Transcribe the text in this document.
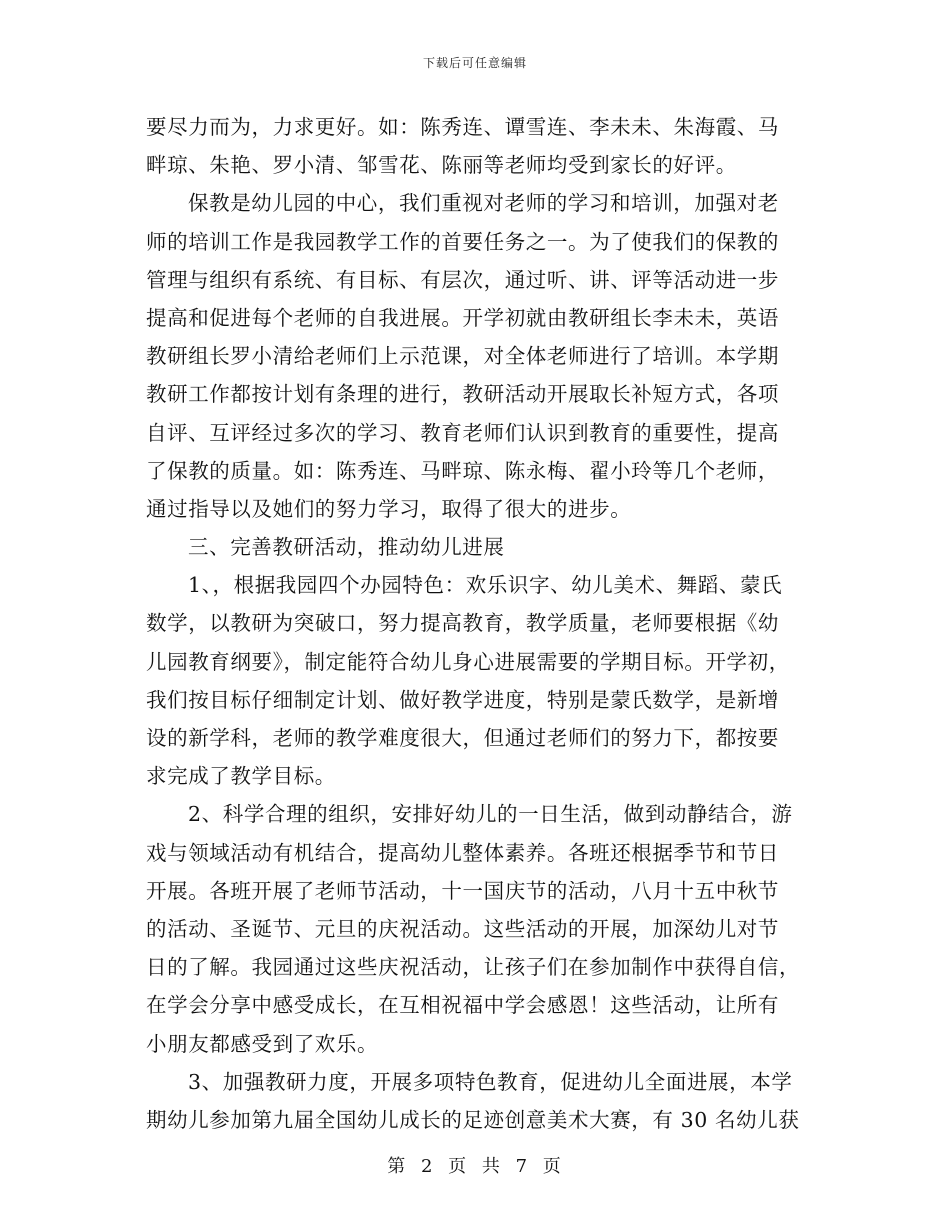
下载后可任意编辑
要尽力而为，力求更好。如：陈秀连、谭雪连、李未未、朱海霞、马
畔琼、朱艳、罗小清、邹雪花、陈丽等老师均受到家长的好评。
保教是幼儿园的中心，我们重视对老师的学习和培训，加强对老
师的培训工作是我园教学工作的首要任务之一。为了使我们的保教的
管理与组织有系统、有目标、有层次，通过听、讲、评等活动进一步
提高和促进每个老师的自我进展。开学初就由教研组长李未未，英语
教研组长罗小清给老师们上示范课，对全体老师进行了培训。本学期
教研工作都按计划有条理的进行，教研活动开展取长补短方式，各项
自评、互评经过多次的学习、教育老师们认识到教育的重要性，提高
了保教的质量。如：陈秀连、马畔琼、陈永梅、翟小玲等几个老师，
通过指导以及她们的努力学习，取得了很大的进步。
三、完善教研活动，推动幼儿进展
1、，根据我园四个办园特色：欢乐识字、幼儿美术、舞蹈、蒙氏
数学，以教研为突破口，努力提高教育，教学质量，老师要根据《幼
儿园教育纲要》，制定能符合幼儿身心进展需要的学期目标。开学初，
我们按目标仔细制定计划、做好教学进度，特别是蒙氏数学，是新增
设的新学科，老师的教学难度很大，但通过老师们的努力下，都按要
求完成了教学目标。
2、科学合理的组织，安排好幼儿的一日生活，做到动静结合，游
戏与领域活动有机结合，提高幼儿整体素养。各班还根据季节和节日
开展。各班开展了老师节活动，十一国庆节的活动，八月十五中秋节
的活动、圣诞节、元旦的庆祝活动。这些活动的开展，加深幼儿对节
日的了解。我园通过这些庆祝活动，让孩子们在参加制作中获得自信，
在学会分享中感受成长，在互相祝福中学会感恩！这些活动，让所有
小朋友都感受到了欢乐。
3、加强教研力度，开展多项特色教育，促进幼儿全面进展，本学
期幼儿参加第九届全国幼儿成长的足迹创意美术大赛，有 30 名幼儿获
第 2 页 共 7 页
